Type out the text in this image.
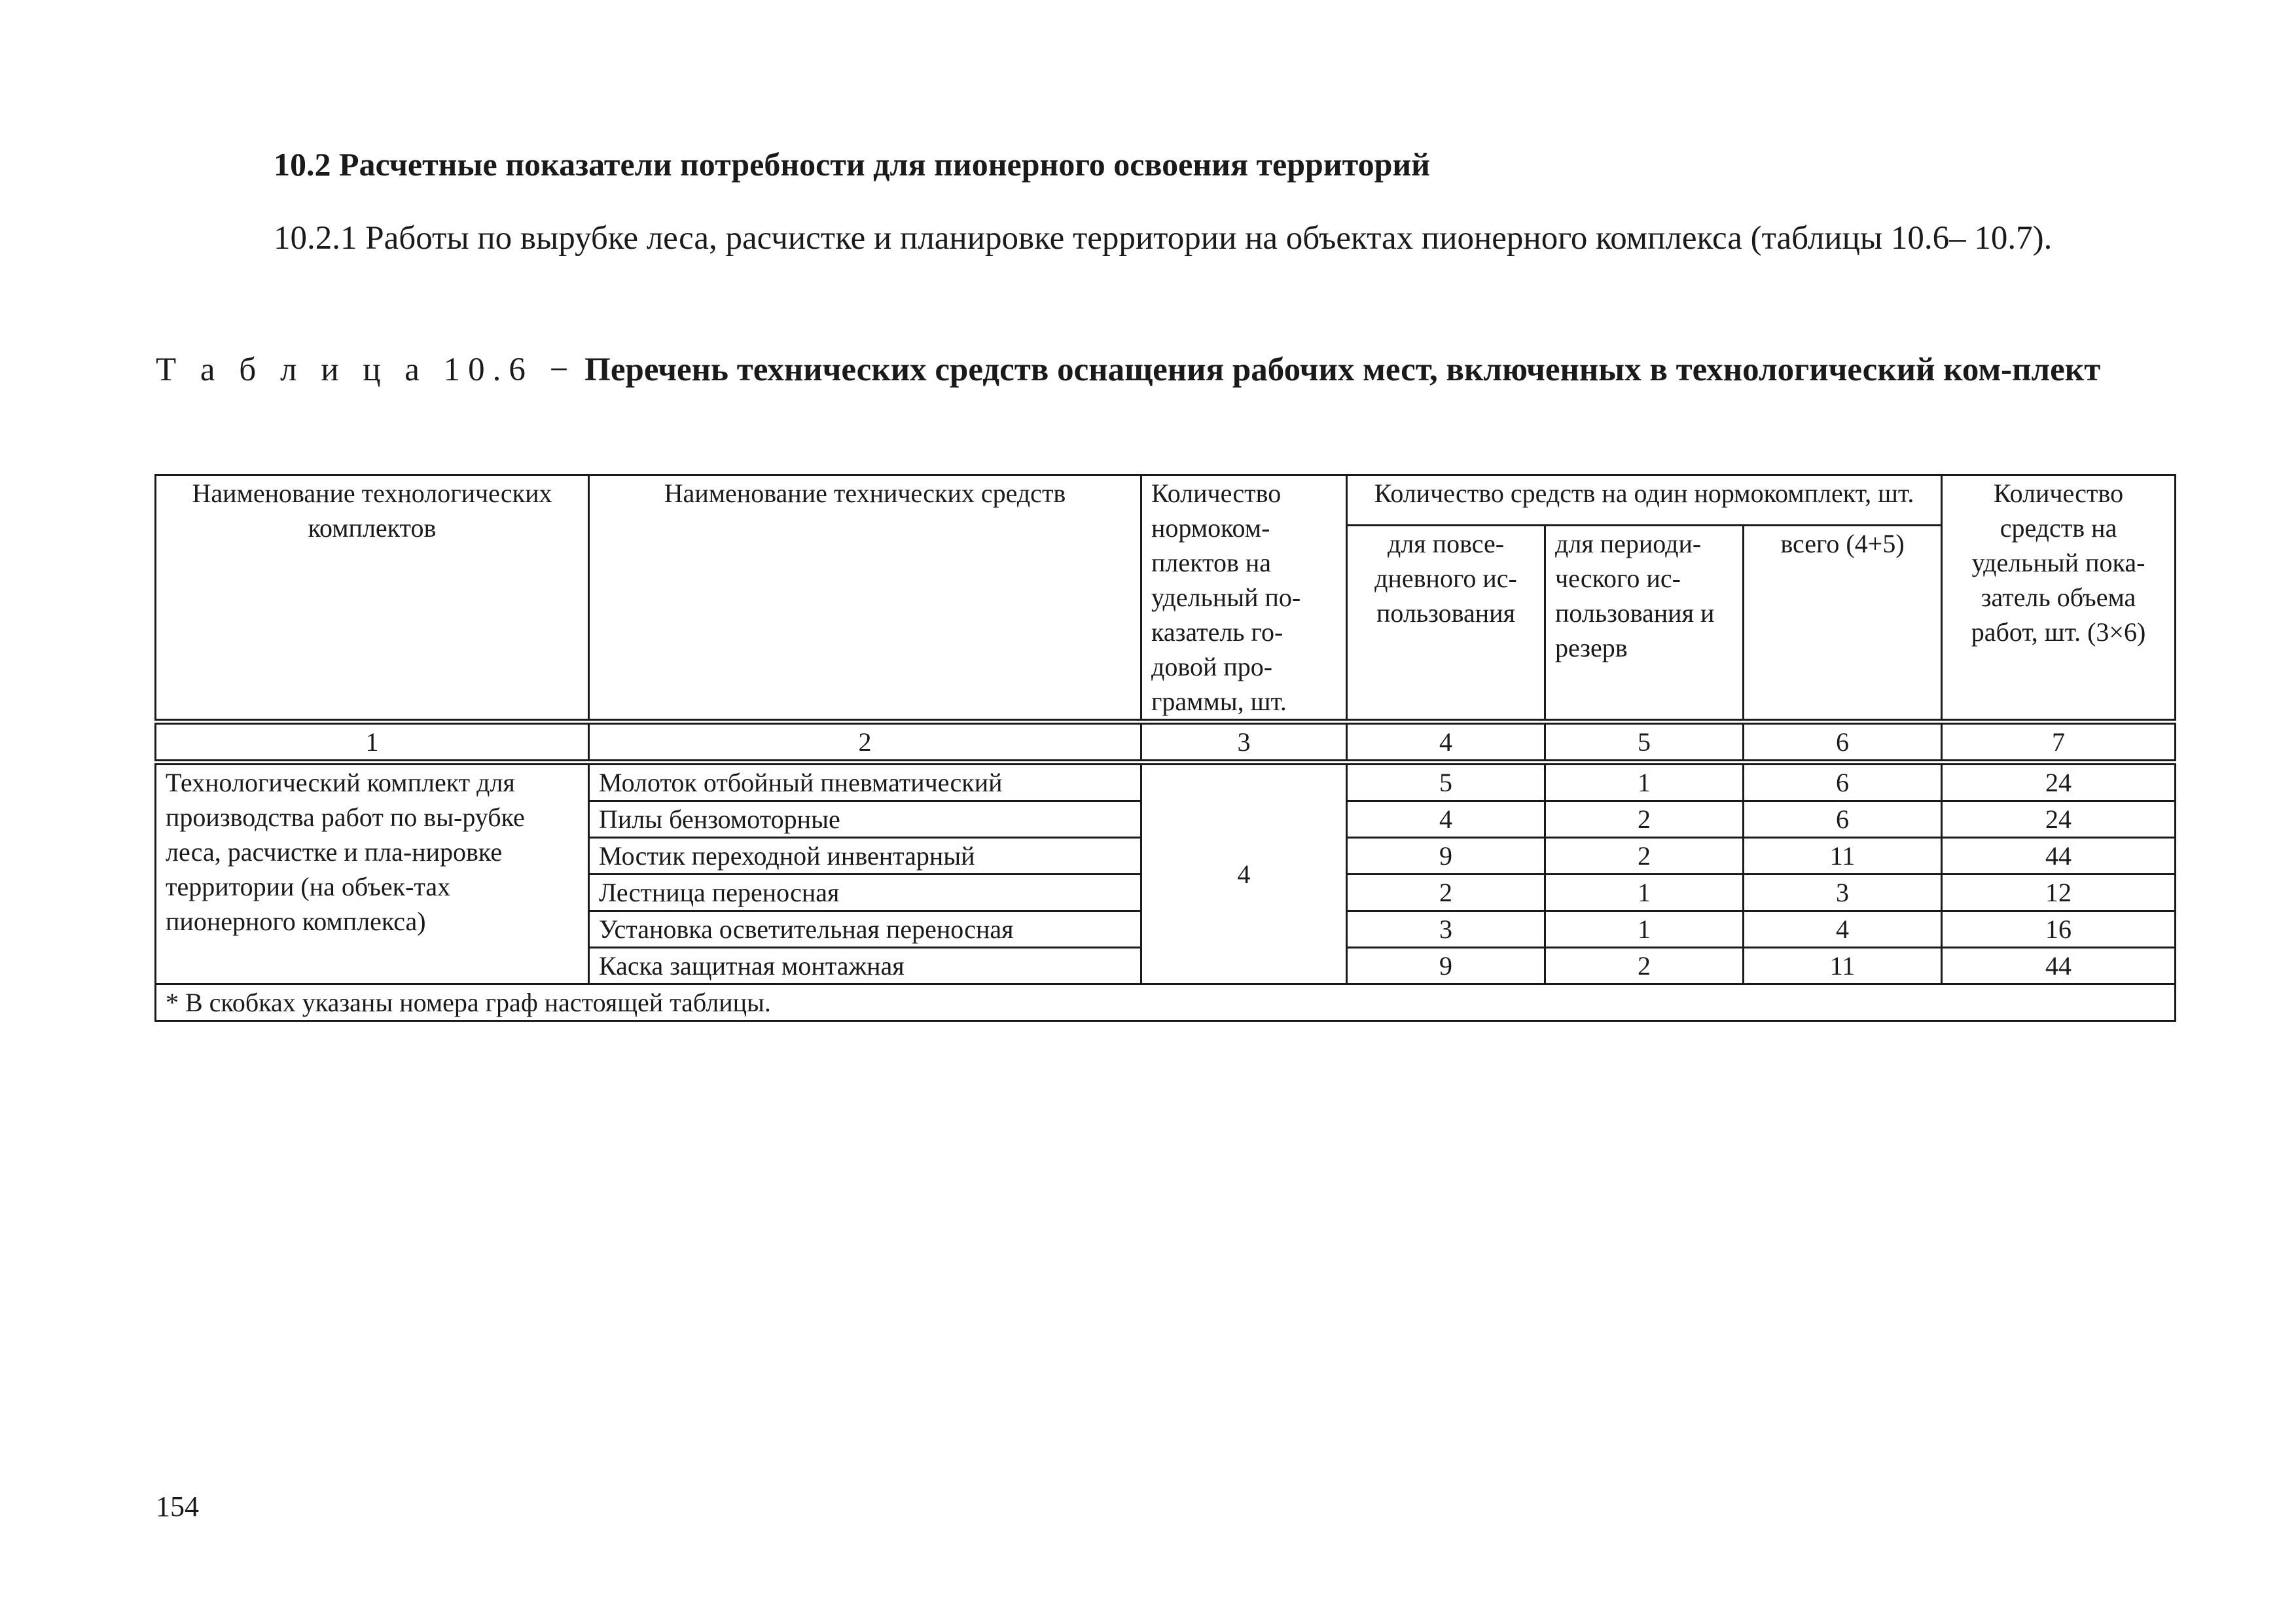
10.2 Расчетные показатели потребности для пионерного освоения территорий
10.2.1 Работы по вырубке леса, расчистке и планировке территории на объектах пионерного комплекса (таблицы 10.6– 10.7).
Т а б л и ц а 10.6 − Перечень технических средств оснащения рабочих мест, включенных в технологический ком-плект
Наименование технологических комплектов	Наименование технических средств	Количество нормоком-плектов на удельный по-казатель го-довой про-граммы, шт.	Количество средств на один нормокомплект, шт.			Количество средств на удельный пока-затель объема работ, шт. (3×6)
			для повсе-дневного ис-пользования	для периоди-ческого ис-пользования и резерв	всего (4+5)	
1	2	3	4	5	6	7
Технологический комплект для производства работ по вы-рубке леса, расчистке и пла-нировке территории (на объек-тах пионерного комплекса)	Молоток отбойный пневматический	4	5	1	6	24
	Пилы бензомоторные		4	2	6	24
	Мостик переходной инвентарный		9	2	11	44
	Лестница переносная		2	1	3	12
	Установка осветительная переносная		3	1	4	16
	Каска защитная монтажная		9	2	11	44
* В скобках указаны номера граф настоящей таблицы.						
154
